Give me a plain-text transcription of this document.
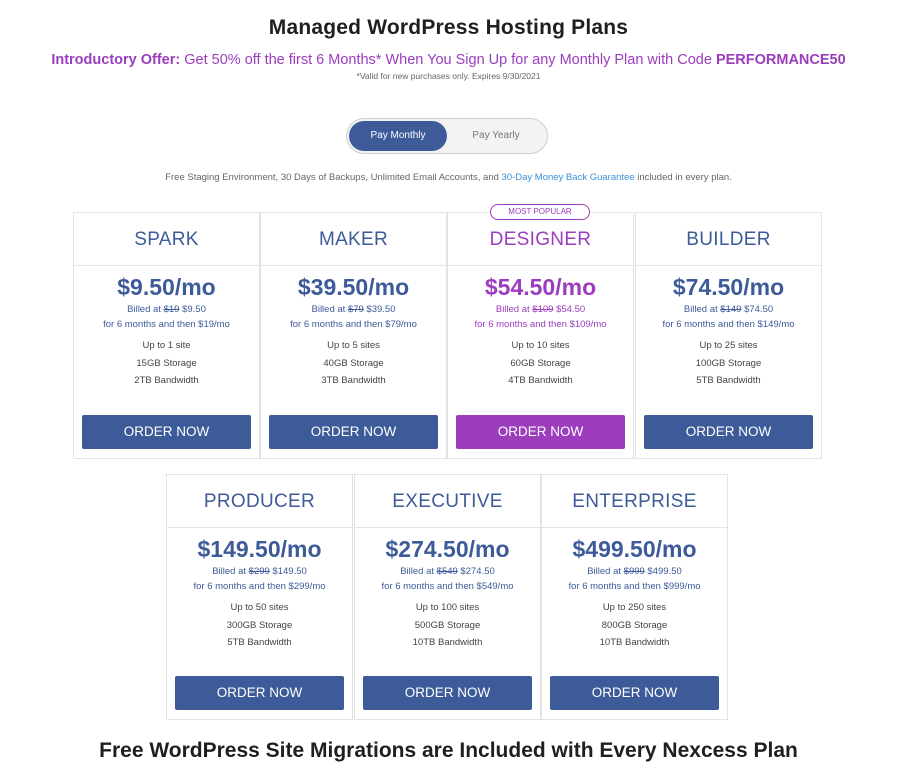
Managed WordPress Hosting Plans
Introductory Offer: Get 50% off the first 6 Months* When You Sign Up for any Monthly Plan with Code PERFORMANCE50
*Valid for new purchases only. Expires 9/30/2021
Pay Monthly	Pay Yearly
Free Staging Environment, 30 Days of Backups, Unlimited Email Accounts, and 30-Day Money Back Guarantee included in every plan.
SPARK
$9.50/mo
Billed at $19 $9.50
for 6 months and then $19/mo
Up to 1 site
15GB Storage
2TB Bandwidth
ORDER NOW
MAKER
$39.50/mo
Billed at $79 $39.50
for 6 months and then $79/mo
Up to 5 sites
40GB Storage
3TB Bandwidth
ORDER NOW
MOST POPULAR
DESIGNER
$54.50/mo
Billed at $109 $54.50
for 6 months and then $109/mo
Up to 10 sites
60GB Storage
4TB Bandwidth
ORDER NOW
BUILDER
$74.50/mo
Billed at $149 $74.50
for 6 months and then $149/mo
Up to 25 sites
100GB Storage
5TB Bandwidth
ORDER NOW
PRODUCER
$149.50/mo
Billed at $299 $149.50
for 6 months and then $299/mo
Up to 50 sites
300GB Storage
5TB Bandwidth
ORDER NOW
EXECUTIVE
$274.50/mo
Billed at $549 $274.50
for 6 months and then $549/mo
Up to 100 sites
500GB Storage
10TB Bandwidth
ORDER NOW
ENTERPRISE
$499.50/mo
Billed at $999 $499.50
for 6 months and then $999/mo
Up to 250 sites
800GB Storage
10TB Bandwidth
ORDER NOW
Free WordPress Site Migrations are Included with Every Nexcess Plan
